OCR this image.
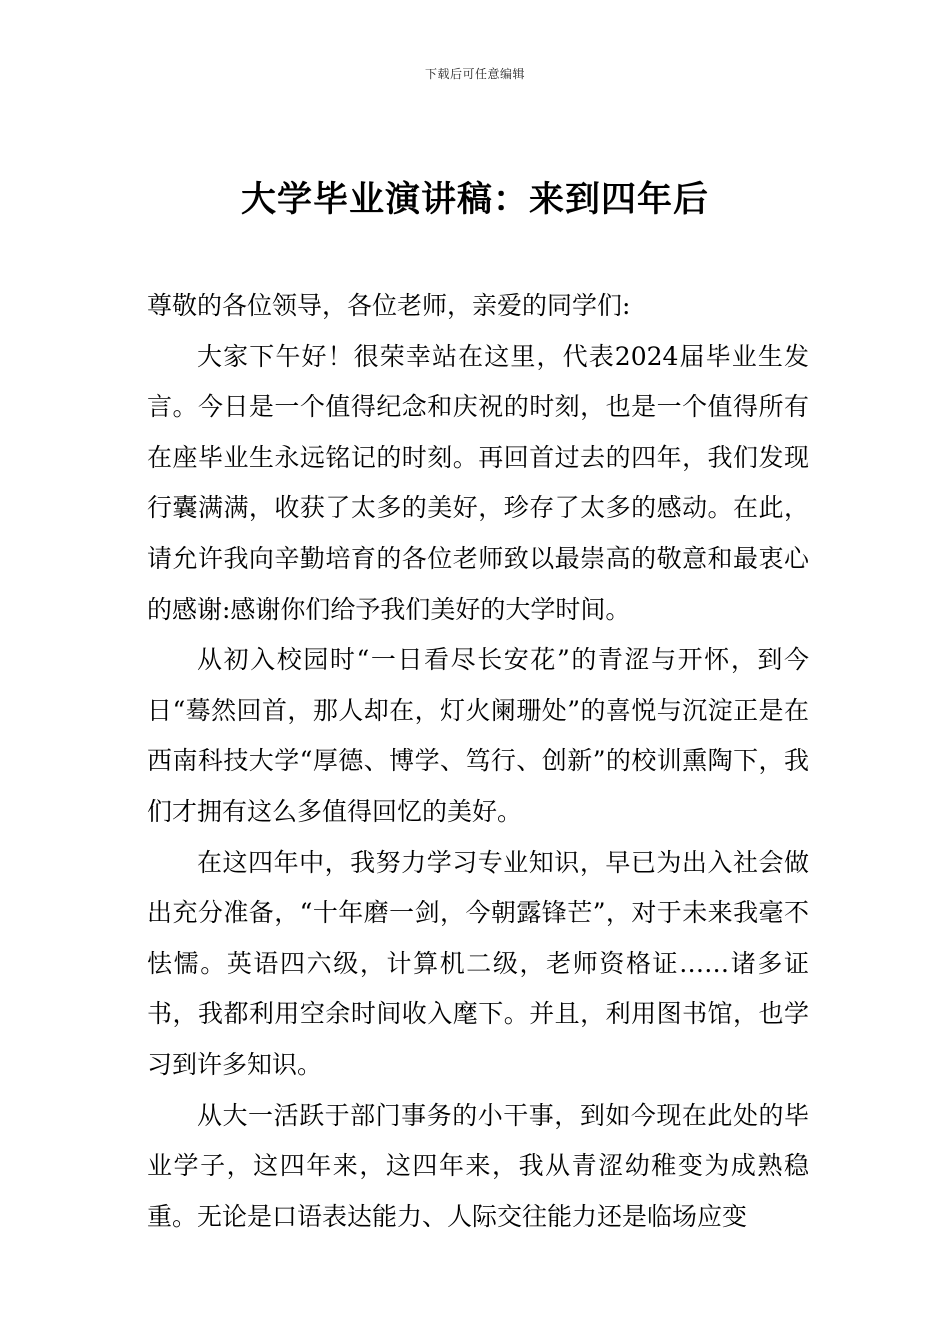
下载后可任意编辑
大学毕业演讲稿：来到四年后

尊敬的各位领导，各位老师，亲爱的同学们:

大家下午好！很荣幸站在这里，代表2024届毕业生发言。今日是一个值得纪念和庆祝的时刻，也是一个值得所有在座毕业生永远铭记的时刻。再回首过去的四年，我们发现行囊满满，收获了太多的美好，珍存了太多的感动。在此，请允许我向辛勤培育的各位老师致以最崇高的敬意和最衷心的感谢:感谢你们给予我们美好的大学时间。

从初入校园时“一日看尽长安花”的青涩与开怀，到今日“蓦然回首，那人却在，灯火阑珊处”的喜悦与沉淀正是在西南科技大学“厚德、博学、笃行、创新”的校训熏陶下，我们才拥有这么多值得回忆的美好。

在这四年中，我努力学习专业知识，早已为出入社会做出充分准备，“十年磨一剑，今朝露锋芒”，对于未来我毫不怯懦。英语四六级，计算机二级，老师资格证……诸多证书，我都利用空余时间收入麾下。并且，利用图书馆，也学习到许多知识。

从大一活跃于部门事务的小干事，到如今现在此处的毕业学子，这四年来，这四年来，我从青涩幼稚变为成熟稳重。无论是口语表达能力、人际交往能力还是临场应变
